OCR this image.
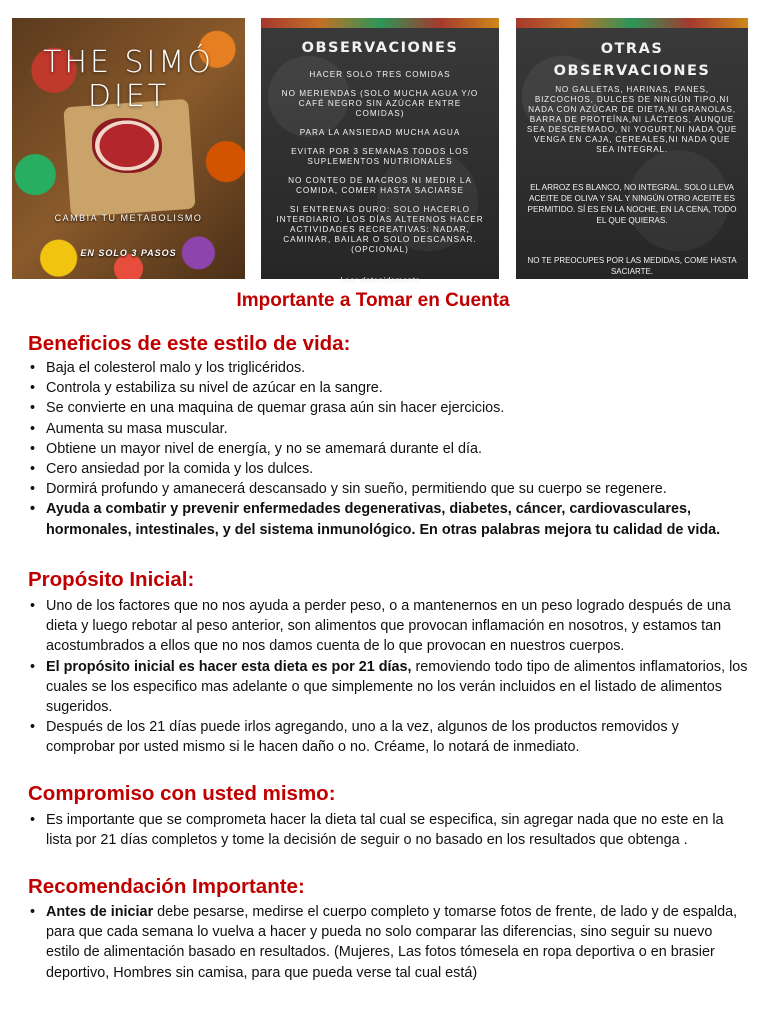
THE SIMÓ
DIET
CAMBIA TU METABOLISMO
EN SOLO 3 PASOS
OBSERVACIONES

HACER SOLO TRES COMIDAS

NO MERIENDAS (SOLO MUCHA AGUA Y/O CAFÉ NEGRO SIN AZÚCAR ENTRE COMIDAS)

PARA LA ANSIEDAD MUCHA AGUA

EVITAR POR 3 SEMANAS TODOS LOS SUPLEMENTOS NUTRIONALES

NO CONTEO DE MACROS NI MEDIR LA COMIDA, COMER HASTA SACIARSE

SI ENTRENAS DURO: SOLO HACERLO INTERDIARIO. LOS DÍAS ALTERNOS HACER ACTIVIDADES RECREATIVAS: NADAR, CAMINAR, BAILAR O SOLO DESCANSAR. (OPCIONAL)

Leer detenidamente
OTRAS
OBSERVACIONES

NO GALLETAS, HARINAS, PANES, BIZCOCHOS, DULCES DE NINGÚN TIPO,NI NADA CON AZÚCAR DE DIETA,NI GRANOLAS, BARRA DE PROTEÍNA,NI LÁCTEOS, AUNQUE SEA DESCREMADO, NI YOGURT,NI NADA QUE VENGA EN CAJA, CEREALES,NI NADA QUE SEA INTEGRAL.

EL ARROZ ES BLANCO, NO INTEGRAL. SOLO LLEVA ACEITE DE OLIVA Y SAL Y NINGÚN OTRO ACEITE ES PERMITIDO. SÍ ES EN LA NOCHE, EN LA CENA, TODO EL QUE QUIERAS.

NO TE PREOCUPES POR LAS MEDIDAS, COME HASTA SACIARTE.

Importante a Tomar en Cuenta
Beneficios de este estilo de vida:
• Baja el colesterol malo y los triglicéridos.
• Controla y estabiliza su nivel de azúcar en la sangre.
• Se convierte en una maquina de quemar grasa aún sin hacer ejercicios.
• Aumenta su masa muscular.
• Obtiene un mayor nivel de energía, y no se amemará durante el día.
• Cero ansiedad por la comida y los dulces.
• Dormirá profundo y amanecerá descansado y sin sueño, permitiendo que su cuerpo se regenere.
• Ayuda a combatir y prevenir enfermedades degenerativas, diabetes, cáncer, cardiovasculares, hormonales, intestinales, y del sistema inmunológico. En otras palabras mejora tu calidad de vida.
Propósito Inicial:
• Uno de los factores que no nos ayuda a perder peso, o a mantenernos en un peso logrado después de una dieta y luego rebotar al peso anterior, son alimentos que provocan inflamación en nosotros, y estamos tan acostumbrados a ellos que no nos damos cuenta de lo que provocan en nuestros cuerpos.
• El propósito inicial es hacer esta dieta es por 21 días, removiendo todo tipo de alimentos inflamatorios, los cuales se los especifico mas adelante o que simplemente no los verán incluidos en el listado de alimentos sugeridos.
• Después de los 21 días puede irlos agregando, uno a la vez, algunos de los productos removidos y comprobar por usted mismo si le hacen daño o no. Créame, lo notará de inmediato.
Compromiso con usted mismo:
• Es importante que se comprometa hacer la dieta tal cual se especifica, sin agregar nada que no este en la lista por 21 días completos y tome la decisión de seguir o no basado en los resultados que obtenga .
Recomendación Importante:
• Antes de iniciar debe pesarse, medirse el cuerpo completo y tomarse fotos de frente, de lado y de espalda, para que cada semana lo vuelva a hacer y pueda no solo comparar las diferencias, sino seguir su nuevo estilo de alimentación basado en resultados. (Mujeres, Las fotos tómesela en ropa deportiva o en brasier deportivo, Hombres sin camisa, para que pueda verse tal cual está)
